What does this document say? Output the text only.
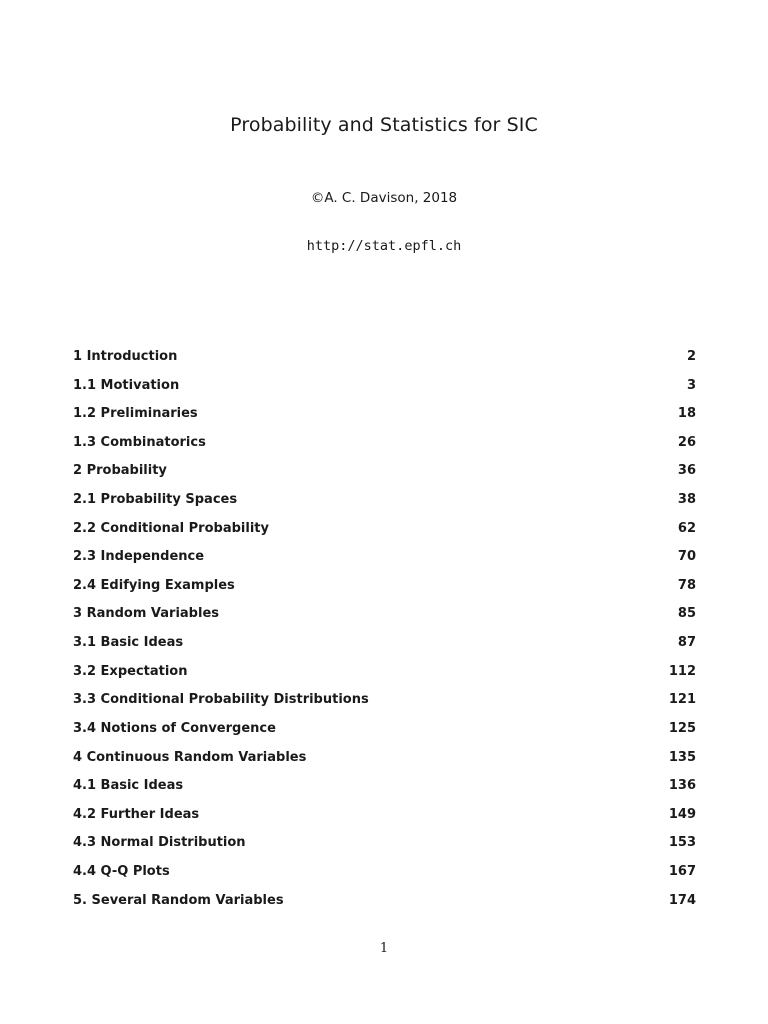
Probability and Statistics for SIC
©A. C. Davison, 2018
http://stat.epfl.ch
1 Introduction	2
1.1 Motivation	3
1.2 Preliminaries	18
1.3 Combinatorics	26
2 Probability	36
2.1 Probability Spaces	38
2.2 Conditional Probability	62
2.3 Independence	70
2.4 Edifying Examples	78
3 Random Variables	85
3.1 Basic Ideas	87
3.2 Expectation	112
3.3 Conditional Probability Distributions	121
3.4 Notions of Convergence	125
4 Continuous Random Variables	135
4.1 Basic Ideas	136
4.2 Further Ideas	149
4.3 Normal Distribution	153
4.4 Q-Q Plots	167
5. Several Random Variables	174
1
